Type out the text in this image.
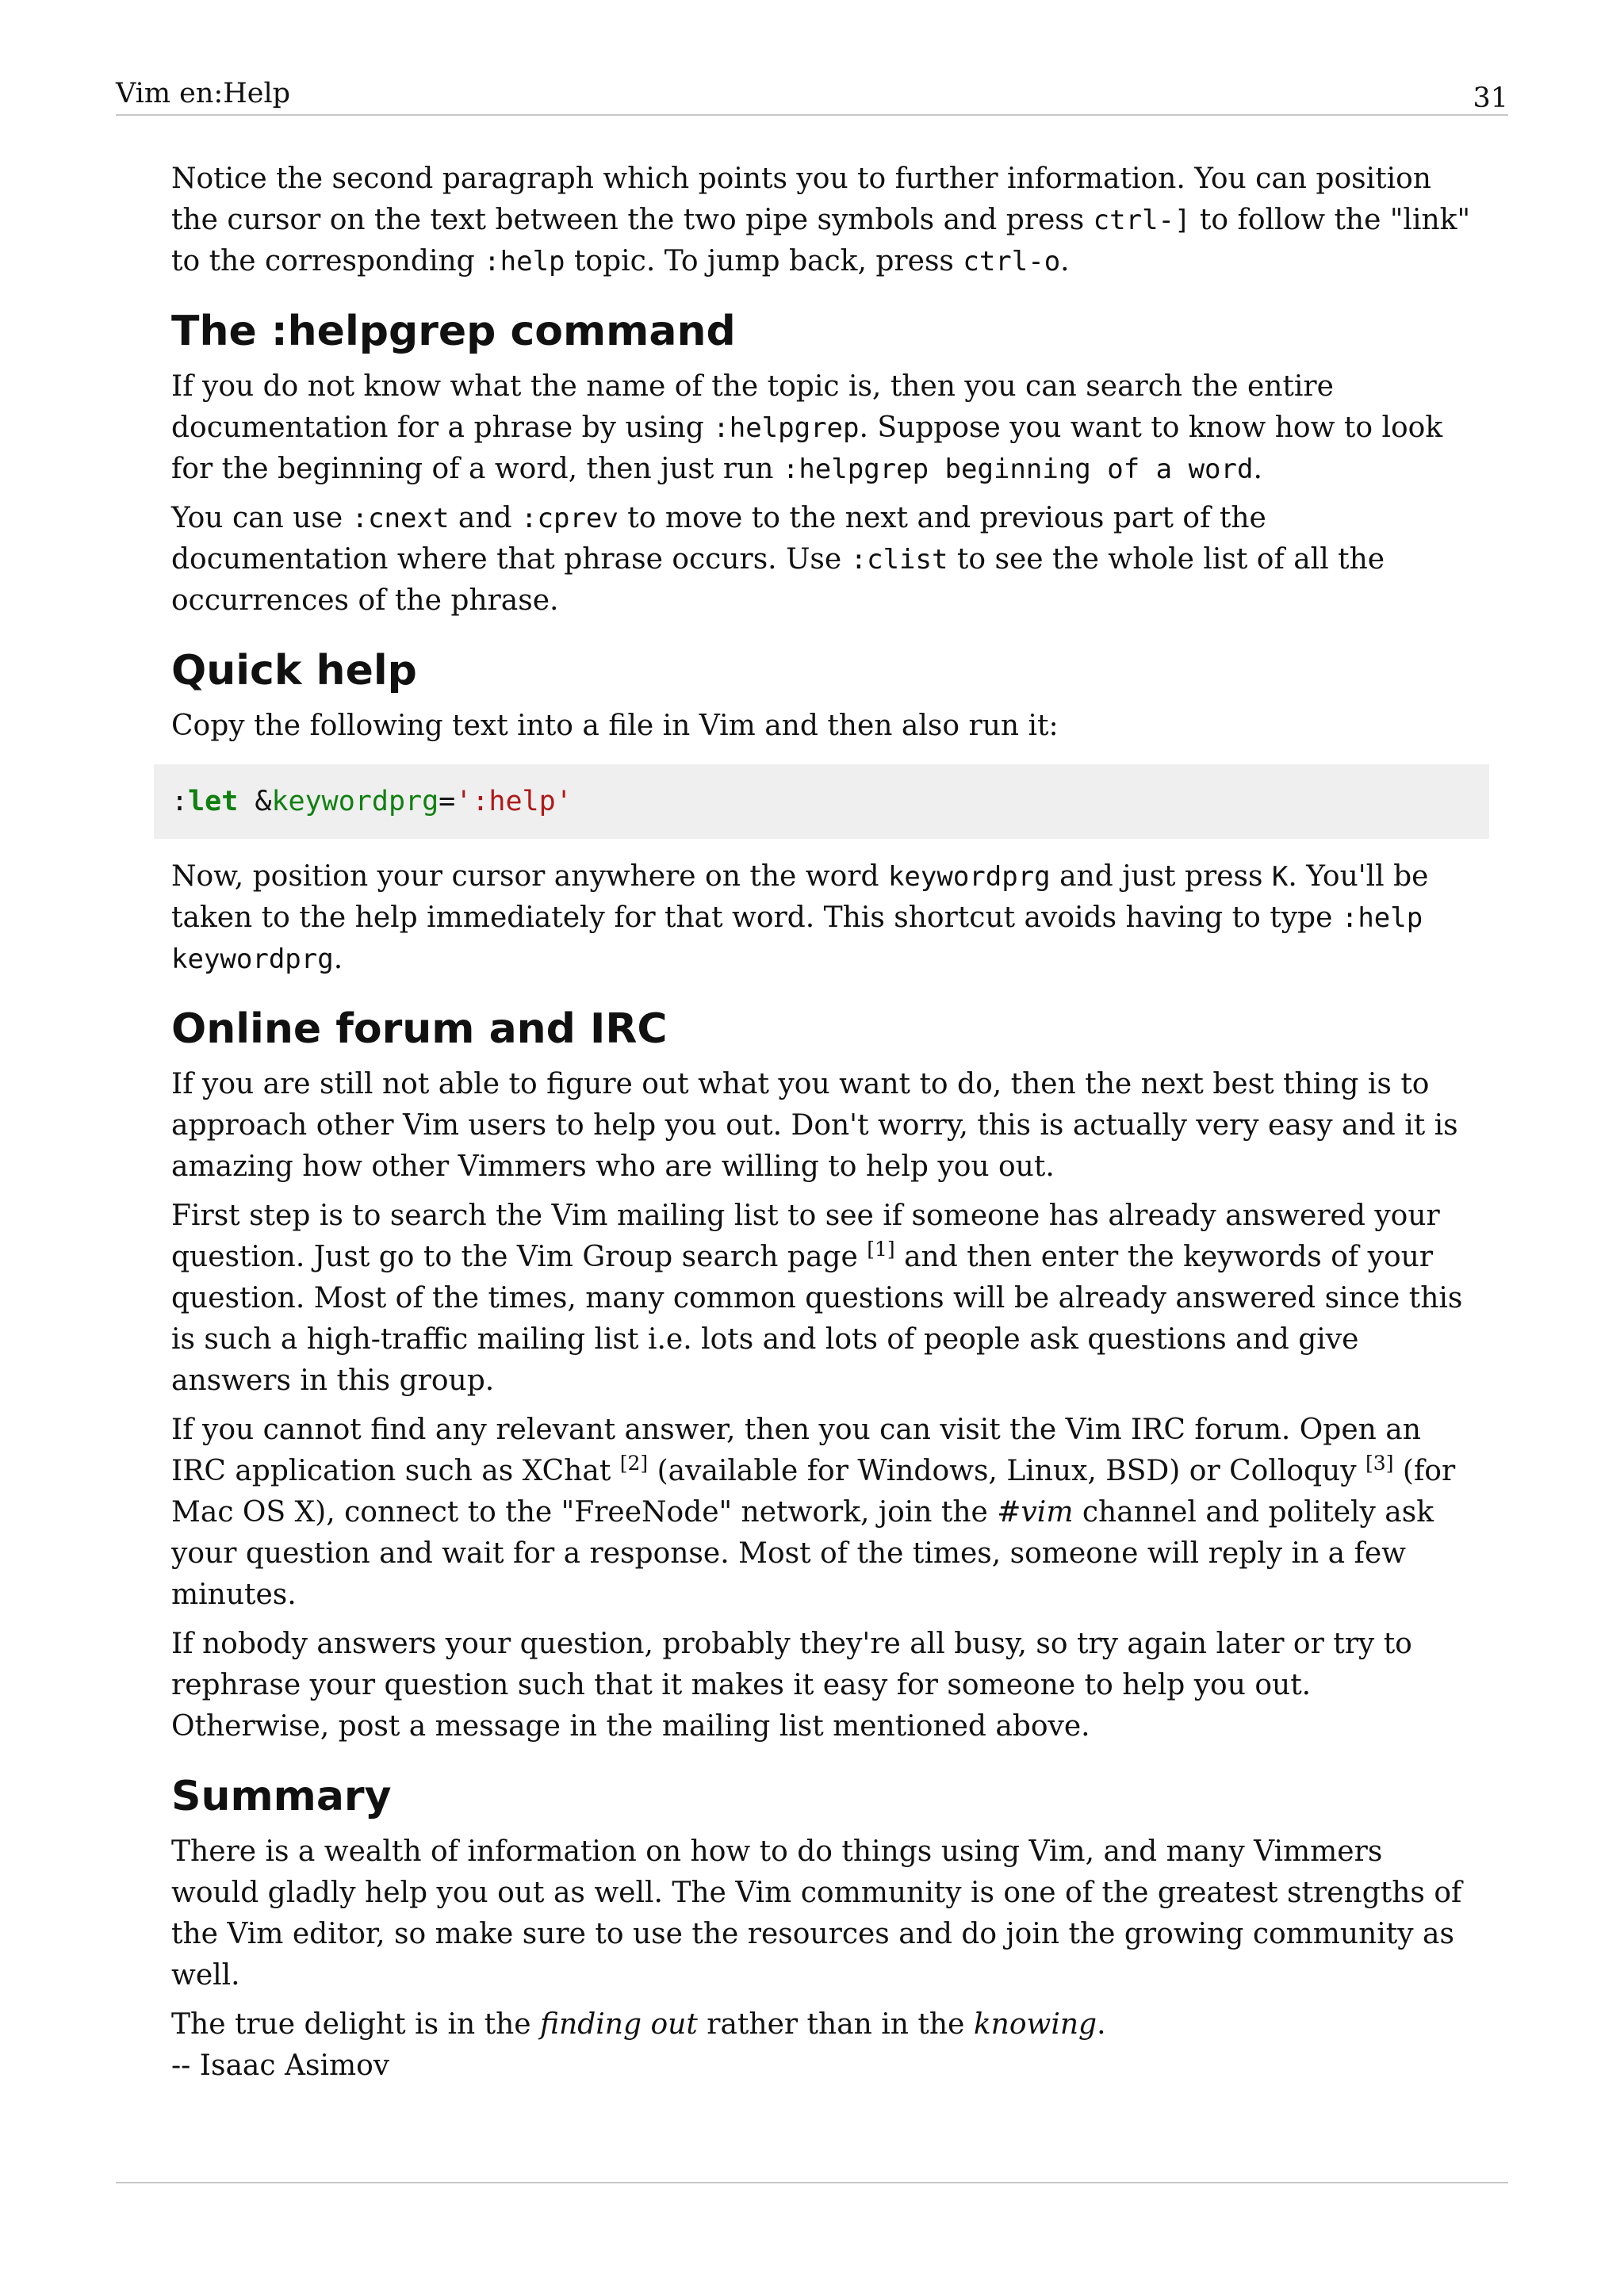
Vim en:Help	31

Notice the second paragraph which points you to further information. You can position the cursor on the text between the two pipe symbols and press ctrl-] to follow the "link" to the corresponding :help topic. To jump back, press ctrl-o.

The :helpgrep command

If you do not know what the name of the topic is, then you can search the entire documentation for a phrase by using :helpgrep. Suppose you want to know how to look for the beginning of a word, then just run :helpgrep beginning of a word.

You can use :cnext and :cprev to move to the next and previous part of the documentation where that phrase occurs. Use :clist to see the whole list of all the occurrences of the phrase.

Quick help

Copy the following text into a file in Vim and then also run it:

:let &keywordprg=':help'

Now, position your cursor anywhere on the word keywordprg and just press K. You'll be taken to the help immediately for that word. This shortcut avoids having to type :help keywordprg.

Online forum and IRC

If you are still not able to figure out what you want to do, then the next best thing is to approach other Vim users to help you out. Don't worry, this is actually very easy and it is amazing how other Vimmers who are willing to help you out.

First step is to search the Vim mailing list to see if someone has already answered your question. Just go to the Vim Group search page [1] and then enter the keywords of your question. Most of the times, many common questions will be already answered since this is such a high-traffic mailing list i.e. lots and lots of people ask questions and give answers in this group.

If you cannot find any relevant answer, then you can visit the Vim IRC forum. Open an IRC application such as XChat [2] (available for Windows, Linux, BSD) or Colloquy [3] (for Mac OS X), connect to the "FreeNode" network, join the #vim channel and politely ask your question and wait for a response. Most of the times, someone will reply in a few minutes.

If nobody answers your question, probably they're all busy, so try again later or try to rephrase your question such that it makes it easy for someone to help you out. Otherwise, post a message in the mailing list mentioned above.

Summary

There is a wealth of information on how to do things using Vim, and many Vimmers would gladly help you out as well. The Vim community is one of the greatest strengths of the Vim editor, so make sure to use the resources and do join the growing community as well.

The true delight is in the finding out rather than in the knowing.

-- Isaac Asimov
